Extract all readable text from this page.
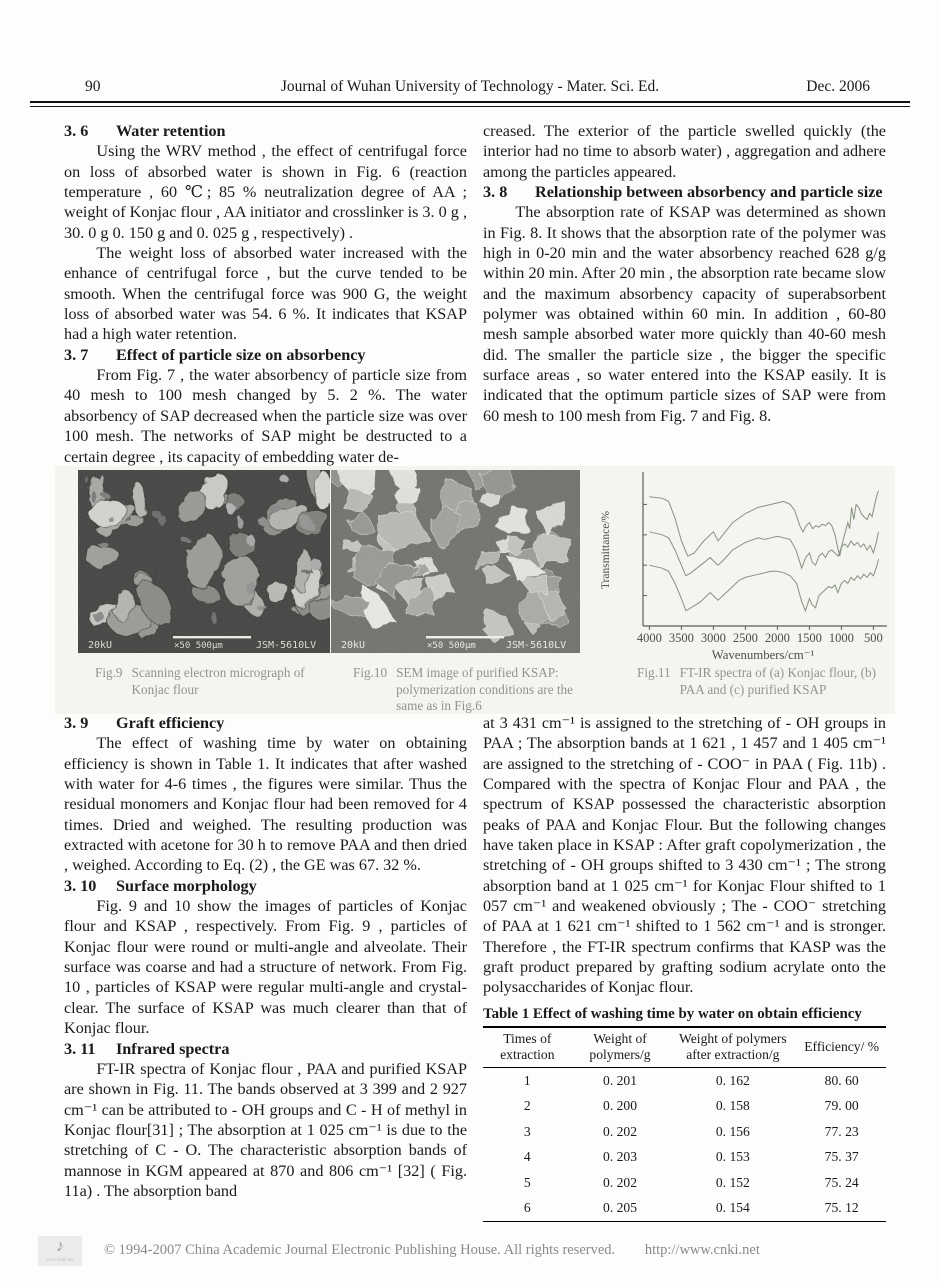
90	Journal of Wuhan University of Technology - Mater. Sci. Ed.	Dec. 2006

3. 6	Water retention

Using the WRV method , the effect of centrifugal force on loss of absorbed water is shown in Fig. 6 (reaction temperature , 60 ℃; 85 % neutralization degree of AA ; weight of Konjac flour , AA initiator and crosslinker is 3. 0 g , 30. 0 g 0. 150 g and 0. 025 g , respectively) .

The weight loss of absorbed water increased with the enhance of centrifugal force , but the curve tended to be smooth. When the centrifugal force was 900 G, the weight loss of absorbed water was 54. 6 %. It indicates that KSAP had a high water retention.

3. 7	Effect of particle size on absorbency

From Fig. 7 , the water absorbency of particle size from 40 mesh to 100 mesh changed by 5. 2 %. The water absorbency of SAP decreased when the particle size was over 100 mesh. The networks of SAP might be destructed to a certain degree , its capacity of embedding water de-

creased. The exterior of the particle swelled quickly (the interior had no time to absorb water) , aggregation and adhere among the particles appeared.

3. 8	Relationship between absorbency and particle size

The absorption rate of KSAP was determined as shown in Fig. 8. It shows that the absorption rate of the polymer was high in 0-20 min and the water absorbency reached 628 g/g within 20 min. After 20 min , the absorption rate became slow and the maximum absorbency capacity of superabsorbent polymer was obtained within 60 min. In addition , 60-80 mesh sample absorbed water more quickly than 40-60 mesh did. The smaller the particle size , the bigger the specific surface areas , so water entered into the KSAP easily. It is indicated that the optimum particle sizes of SAP were from 60 mesh to 100 mesh from Fig. 7 and Fig. 8.

20kU	×50 500μm	JSM-5610LV 20kU	×50 500μm	JSM-5610LV
4000 3500 3000 2500 2000 1500 1000 500
Wavenumbers/cm⁻¹
Transmittance/%
Fig.9 Scanning electron micrograph of Konjac flour
Fig.10 SEM image of purified KSAP: polymerization conditions are the same as in Fig.6
Fig.11 FT-IR spectra of (a) Konjac flour, (b) PAA and (c) purified KSAP

3. 9	Graft efficiency

The effect of washing time by water on obtaining efficiency is shown in Table 1. It indicates that after washed with water for 4-6 times , the figures were similar. Thus the residual monomers and Konjac flour had been removed for 4 times. Dried and weighed. The resulting production was extracted with acetone for 30 h to remove PAA and then dried , weighed. According to Eq. (2) , the GE was 67. 32 %.

3. 10	Surface morphology

Fig. 9 and 10 show the images of particles of Konjac flour and KSAP , respectively. From Fig. 9 , particles of Konjac flour were round or multi-angle and alveolate. Their surface was coarse and had a structure of network. From Fig. 10 , particles of KSAP were regular multi-angle and crystal-clear. The surface of KSAP was much clearer than that of Konjac flour.

3. 11	Infrared spectra

FT-IR spectra of Konjac flour , PAA and purified KSAP are shown in Fig. 11. The bands observed at 3 399 and 2 927 cm⁻¹ can be attributed to - OH groups and C - H of methyl in Konjac flour[31] ; The absorption at 1 025 cm⁻¹ is due to the stretching of C - O. The characteristic absorption bands of mannose in KGM appeared at 870 and 806 cm⁻¹ [32] ( Fig. 11a) . The absorption band

at 3 431 cm⁻¹ is assigned to the stretching of - OH groups in PAA ; The absorption bands at 1 621 , 1 457 and 1 405 cm⁻¹ are assigned to the stretching of - COO⁻ in PAA ( Fig. 11b) . Compared with the spectra of Konjac Flour and PAA , the spectrum of KSAP possessed the characteristic absorption peaks of PAA and Konjac Flour. But the following changes have taken place in KSAP : After graft copolymerization , the stretching of - OH groups shifted to 3 430 cm⁻¹ ; The strong absorption band at 1 025 cm⁻¹ for Konjac Flour shifted to 1 057 cm⁻¹ and weakened obviously ; The - COO⁻ stretching of PAA at 1 621 cm⁻¹ shifted to 1 562 cm⁻¹ and is stronger. Therefore , the FT-IR spectrum confirms that KASP was the graft product prepared by grafting sodium acrylate onto the polysaccharides of Konjac flour.

Table 1 Effect of washing time by water on obtain efficiency
Times of extraction	Weight of polymers/g	Weight of polymers after extraction/g	Efficiency/ %
1	0. 201	0. 162	80. 60
2	0. 200	0. 158	79. 00
3	0. 202	0. 156	77. 23
4	0. 203	0. 153	75. 37
5	0. 202	0. 152	75. 24
6	0. 205	0. 154	75. 12
♪
www.cnki.net
© 1994-2007 China Academic Journal Electronic Publishing House. All rights reserved. http://www.cnki.net
